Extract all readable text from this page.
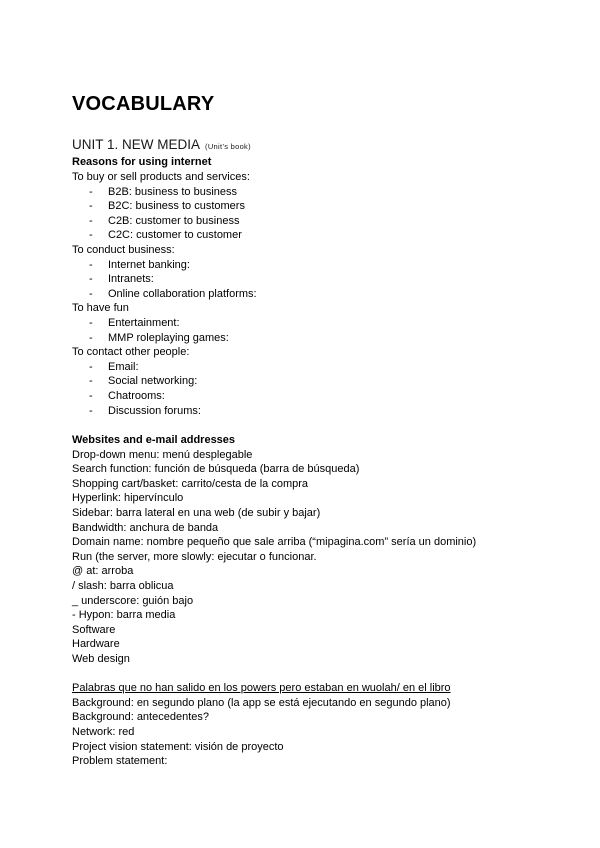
VOCABULARY
UNIT 1. NEW MEDIA (Unit’s book)
Reasons for using internet
To buy or sell products and services:
- B2B: business to business
- B2C: business to customers
- C2B: customer to business
- C2C: customer to customer
To conduct business:
- Internet banking:
- Intranets:
- Online collaboration platforms:
To have fun
- Entertainment:
- MMP roleplaying games:
To contact other people:
- Email:
- Social networking:
- Chatrooms:
- Discussion forums:
Websites and e-mail addresses
Drop-down menu: menú desplegable
Search function: función de búsqueda (barra de búsqueda)
Shopping cart/basket: carrito/cesta de la compra
Hyperlink: hipervínculo
Sidebar: barra lateral en una web (de subir y bajar)
Bandwidth: anchura de banda
Domain name: nombre pequeño que sale arriba (“mipagina.com” sería un dominio)
Run (the server, more slowly: ejecutar o funcionar.
@ at: arroba
/ slash: barra oblicua
_ underscore: guión bajo
- Hypon: barra media
Software
Hardware
Web design
Palabras que no han salido en los powers pero estaban en wuolah/ en el libro
Background: en segundo plano (la app se está ejecutando en segundo plano)
Background: antecedentes?
Network: red
Project vision statement: visión de proyecto
Problem statement:
